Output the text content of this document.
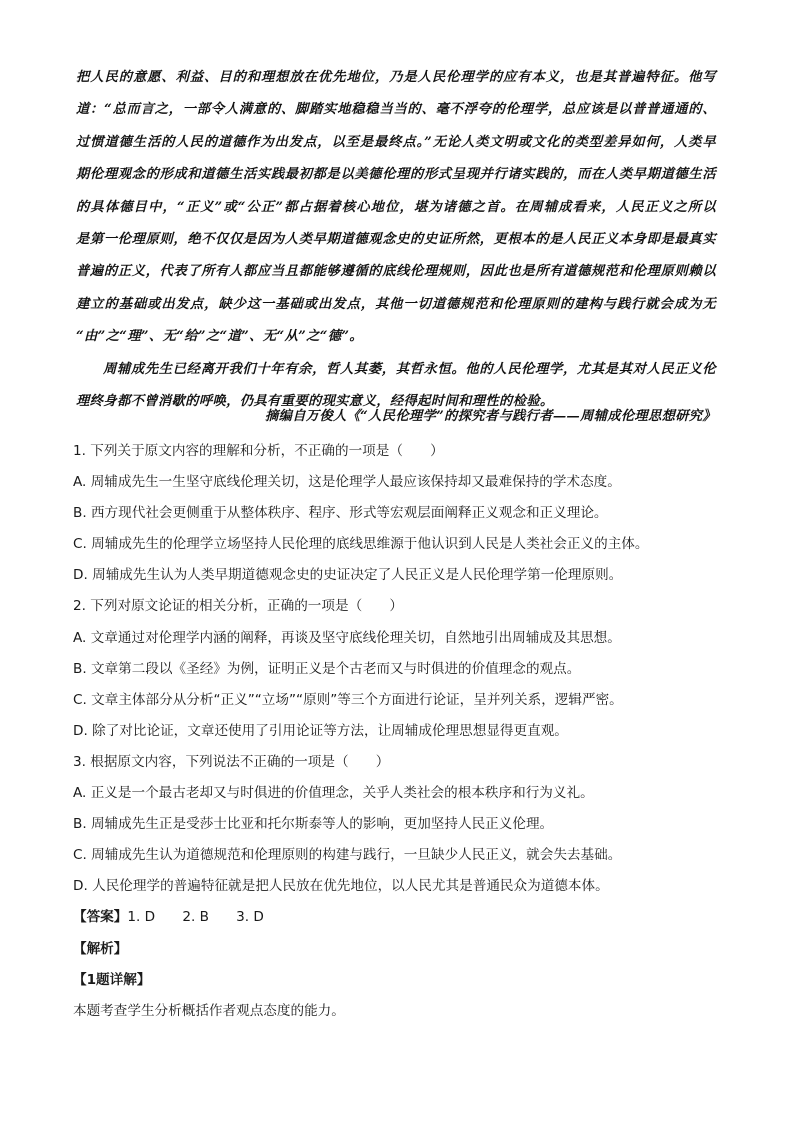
把人民的意愿、利益、目的和理想放在优先地位，乃是人民伦理学的应有本义，也是其普遍特征。他写

道：“总而言之，一部令人满意的、脚踏实地稳稳当当的、毫不浮夸的伦理学，总应该是以普普通通的、

过惯道德生活的人民的道德作为出发点，以至是最终点。”无论人类文明或文化的类型差异如何，人类早

期伦理观念的形成和道德生活实践最初都是以美德伦理的形式呈现并行诸实践的，而在人类早期道德生活

的具体德目中，“正义”或“公正”都占据着核心地位，堪为诸德之首。在周辅成看来，人民正义之所以

是第一伦理原则，绝不仅仅是因为人类早期道德观念史的史证所然，更根本的是人民正义本身即是最真实

普遍的正义，代表了所有人都应当且都能够遵循的底线伦理规则，因此也是所有道德规范和伦理原则赖以

建立的基础或出发点，缺少这一基础或出发点，其他一切道德规范和伦理原则的建构与践行就会成为无

“由”之“理”、无“给”之“道”、无“从”之“德”。

周辅成先生已经离开我们十年有余，哲人其萎，其哲永恒。他的人民伦理学，尤其是其对人民正义伦

理终身都不曾消歇的呼唤，仍具有重要的现实意义，经得起时间和理性的检验。

摘编自万俊人《“人民伦理学”的探究者与践行者——周辅成伦理思想研究》

1. 下列关于原文内容的理解和分析，不正确的一项是（　　）

A. 周辅成先生一生坚守底线伦理关切，这是伦理学人最应该保持却又最难保持的学术态度。

B. 西方现代社会更侧重于从整体秩序、程序、形式等宏观层面阐释正义观念和正义理论。

C. 周辅成先生的伦理学立场坚持人民伦理的底线思维源于他认识到人民是人类社会正义的主体。

D. 周辅成先生认为人类早期道德观念史的史证决定了人民正义是人民伦理学第一伦理原则。

2. 下列对原文论证的相关分析，正确的一项是（　　）

A. 文章通过对伦理学内涵的阐释，再谈及坚守底线伦理关切，自然地引出周辅成及其思想。

B. 文章第二段以《圣经》为例，证明正义是个古老而又与时俱进的价值理念的观点。

C. 文章主体部分从分析“正义”“立场”“原则”等三个方面进行论证，呈并列关系，逻辑严密。

D. 除了对比论证，文章还使用了引用论证等方法，让周辅成伦理思想显得更直观。

3. 根据原文内容，下列说法不正确的一项是（　　）

A. 正义是一个最古老却又与时俱进的价值理念，关乎人类社会的根本秩序和行为义礼。

B. 周辅成先生正是受莎士比亚和托尔斯泰等人的影响，更加坚持人民正义伦理。

C. 周辅成先生认为道德规范和伦理原则的构建与践行，一旦缺少人民正义，就会失去基础。

D. 人民伦理学的普遍特征就是把人民放在优先地位，以人民尤其是普通民众为道德本体。

【答案】1. D　　2. B　　3. D

【解析】

【1题详解】

本题考查学生分析概括作者观点态度的能力。
